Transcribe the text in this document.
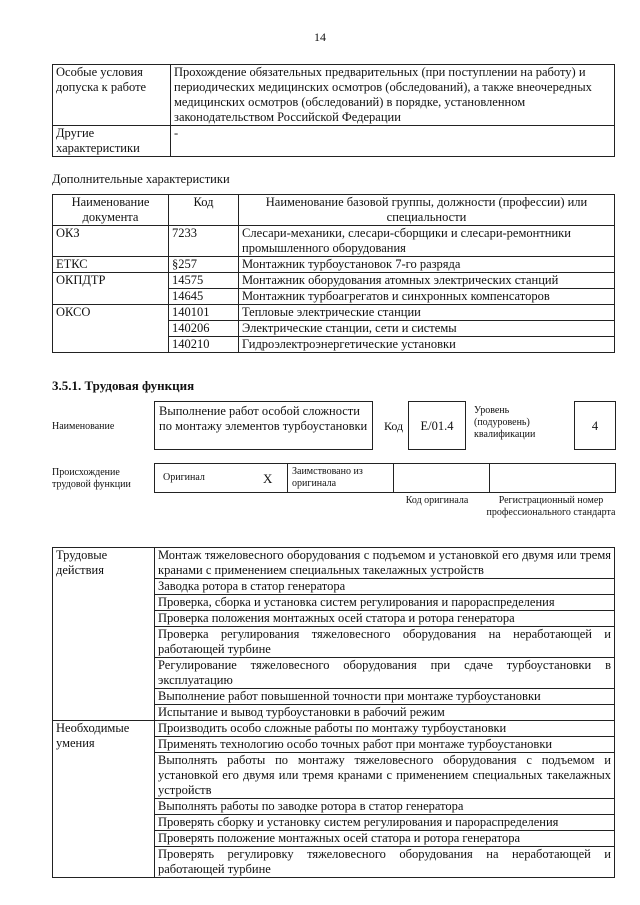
14
Особые условия допуска к работе	Прохождение обязательных предварительных (при поступлении на работу) и периодических медицинских осмотров (обследований), а также внеочередных медицинских осмотров (обследований) в порядке, установленном законодательством Российской Федерации
Другие характеристики	-
Дополнительные характеристики
Наименование документа	Код	Наименование базовой группы, должности (профессии) или специальности
ОКЗ	7233	Слесари-механики, слесари-сборщики и слесари-ремонтники промышленного оборудования
ЕТКС	§257	Монтажник турбоустановок 7-го разряда
ОКПДТР	14575	Монтажник оборудования атомных электрических станций
	14645	Монтажник турбоагрегатов и синхронных компенсаторов
ОКСО	140101	Тепловые электрические станции
	140206	Электрические станции, сети и системы
	140210	Гидроэлектроэнергетические установки
3.5.1. Трудовая функция
Наименование
Выполнение работ особой сложности по монтажу элементов турбоустановки	Код	E/01.4
Уровень (подуровень) квалификации
4
Происхождение трудовой функции
Оригинал	X Заимствовано из оригинала
Код оригинала	Регистрационный номер профессионального стандарта
Трудовые действия	Монтаж тяжеловесного оборудования с подъемом и установкой его двумя или тремя кранами с применением специальных такелажных устройств
	Заводка ротора в статор генератора
	Проверка, сборка и установка систем регулирования и парораспределения
	Проверка положения монтажных осей статора и ротора генератора
	Проверка регулирования тяжеловесного оборудования на неработающей и работающей турбине
	Регулирование тяжеловесного оборудования при сдаче турбоустановки в эксплуатацию
	Выполнение работ повышенной точности при монтаже турбоустановки
	Испытание и вывод турбоустановки в рабочий режим
Необходимые умения	Производить особо сложные работы по монтажу турбоустановки
	Применять технологию особо точных работ при монтаже турбоустановки
	Выполнять работы по монтажу тяжеловесного оборудования с подъемом и установкой его двумя или тремя кранами с применением специальных такелажных устройств
	Выполнять работы по заводке ротора в статор генератора
	Проверять сборку и установку систем регулирования и парораспределения
	Проверять положение монтажных осей статора и ротора генератора
	Проверять регулировку тяжеловесного оборудования на неработающей и работающей турбине
